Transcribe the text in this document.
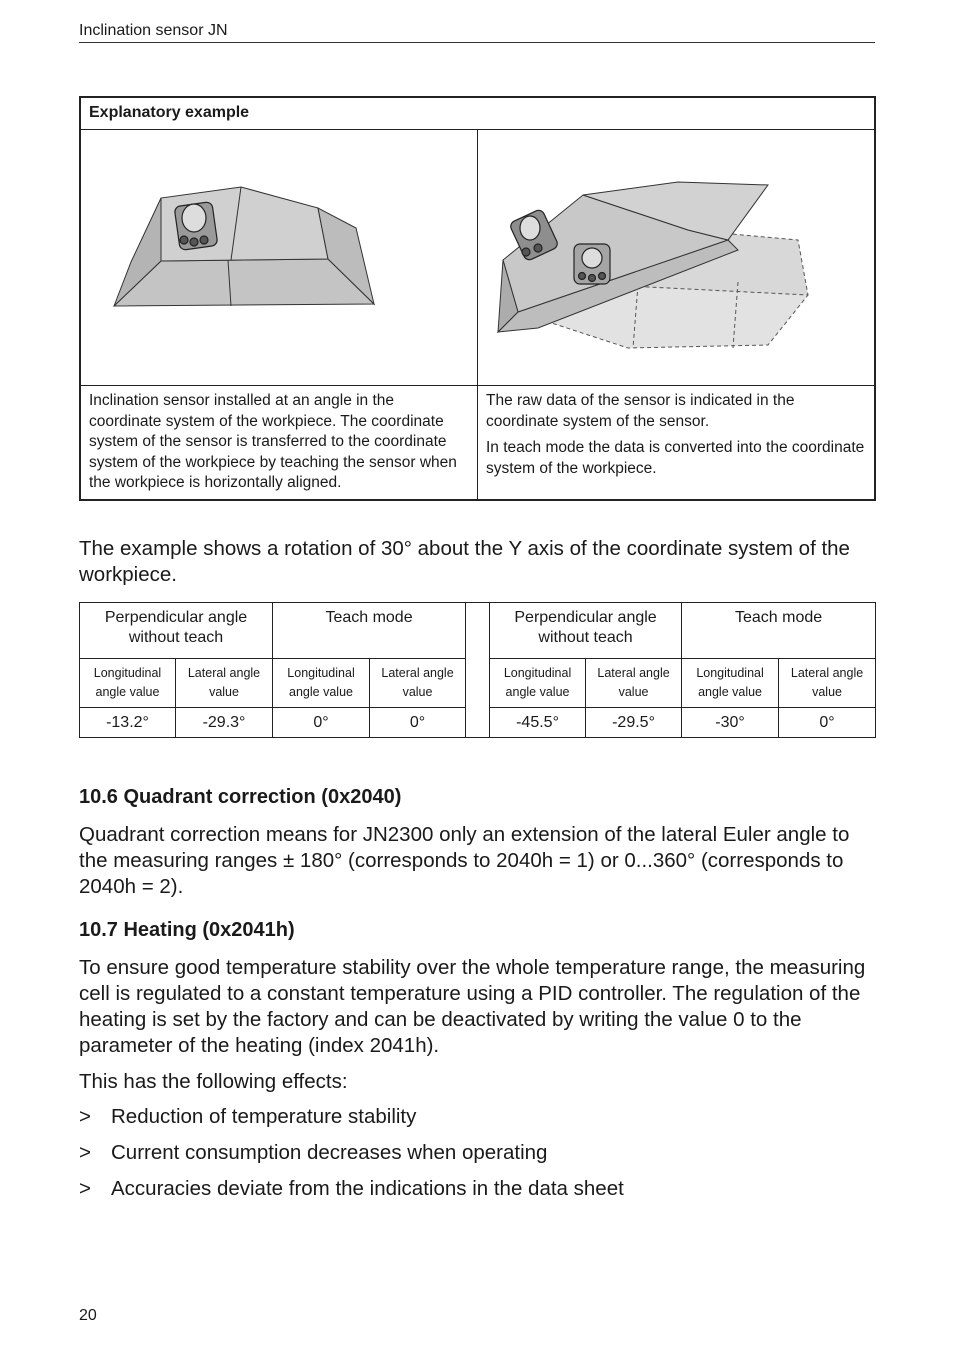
Inclination sensor JN
Explanatory example	

Inclination sensor installed at an angle in the coordinate system of the workpiece. The coordinate system of the sensor is transferred to the coordinate system of the workpiece by teaching the sensor when the workpiece is horizontally aligned.	The raw data of the sensor is indicated in the coordinate system of the sensor.

In teach mode the data is converted into the coordinate system of the workpiece.

The example shows a rotation of 30° about the Y axis of the coordinate system of the workpiece.

Perpendicular angle without teach		Teach mode			Perpendicular angle without teach		Teach mode	
Longitudinal angle value	Lateral angle value	Longitudinal angle value	Lateral angle value		Longitudinal angle value	Lateral angle value	Longitudinal angle value	Lateral angle value
-13.2°	-29.3°	0°	0°		-45.5°	-29.5°	-30°	0°
10.6 Quadrant correction (0x2040)

Quadrant correction means for JN2300 only an extension of the lateral Euler angle to the measuring ranges ± 180° (corresponds to 2040h = 1) or 0...360° (corresponds to 2040h = 2).

10.7 Heating (0x2041h)

To ensure good temperature stability over the whole temperature range, the measuring cell is regulated to a constant temperature using a PID controller. The regulation of the heating is set by the factory and can be deactivated by writing the value 0 to the parameter of the heating (index 2041h).

This has the following effects:

> Reduction of temperature stability
> Current consumption decreases when operating
> Accuracies deviate from the indications in the data sheet
20
